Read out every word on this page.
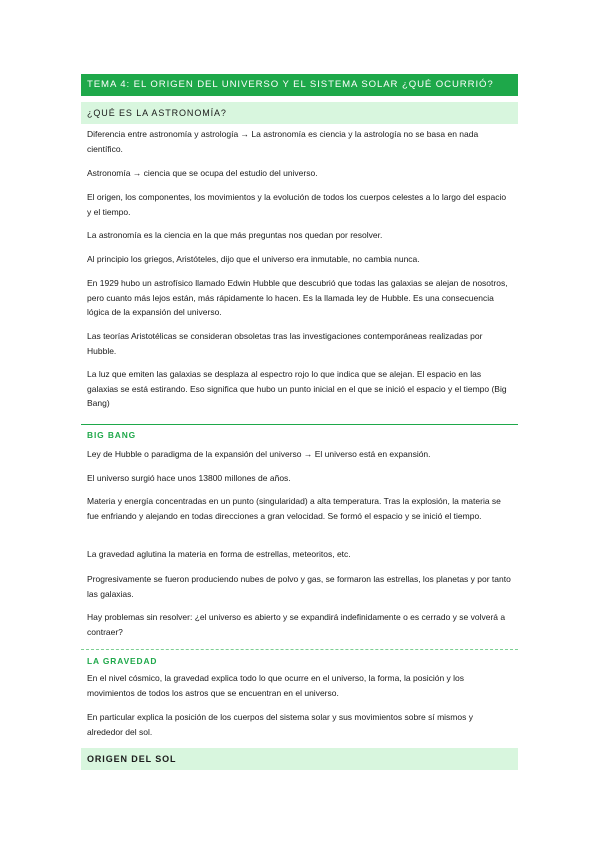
TEMA 4: EL ORIGEN DEL UNIVERSO Y EL SISTEMA SOLAR ¿QUÉ OCURRIÓ?
¿QUÉ ES LA ASTRONOMÍA?
Diferencia entre astronomía y astrología → La astronomía es ciencia y la astrología no se basa en nada científico.
Astronomía → ciencia que se ocupa del estudio del universo.
El origen, los componentes, los movimientos y la evolución de todos los cuerpos celestes a lo largo del espacio y el tiempo.
La astronomía es la ciencia en la que más preguntas nos quedan por resolver.
Al principio los griegos, Aristóteles, dijo que el universo era inmutable, no cambia nunca.
En 1929 hubo un astrofísico llamado Edwin Hubble que descubrió que todas las galaxias se alejan de nosotros, pero cuanto más lejos están, más rápidamente lo hacen. Es la llamada ley de Hubble. Es una consecuencia lógica de la expansión del universo.
Las teorías Aristotélicas se consideran obsoletas tras las investigaciones contemporáneas realizadas por Hubble.
La luz que emiten las galaxias se desplaza al espectro rojo lo que indica que se alejan. El espacio en las galaxias se está estirando. Eso significa que hubo un punto inicial en el que se inició el espacio y el tiempo (Big Bang)
BIG BANG
Ley de Hubble o paradigma de la expansión del universo → El universo está en expansión.
El universo surgió hace unos 13800 millones de años.
Materia y energía concentradas en un punto (singularidad) a alta temperatura. Tras la explosión, la materia se fue enfriando y alejando en todas direcciones a gran velocidad. Se formó el espacio y se inició el tiempo.
La gravedad aglutina la materia en forma de estrellas, meteoritos, etc.
Progresivamente se fueron produciendo nubes de polvo y gas, se formaron las estrellas, los planetas y por tanto las galaxias.
Hay problemas sin resolver: ¿el universo es abierto y se expandirá indefinidamente o es cerrado y se volverá a contraer?
LA GRAVEDAD
En el nivel cósmico, la gravedad explica todo lo que ocurre en el universo, la forma, la posición y los movimientos de todos los astros que se encuentran en el universo.
En particular explica la posición de los cuerpos del sistema solar y sus movimientos sobre sí mismos y alrededor del sol.
ORIGEN DEL SOL
